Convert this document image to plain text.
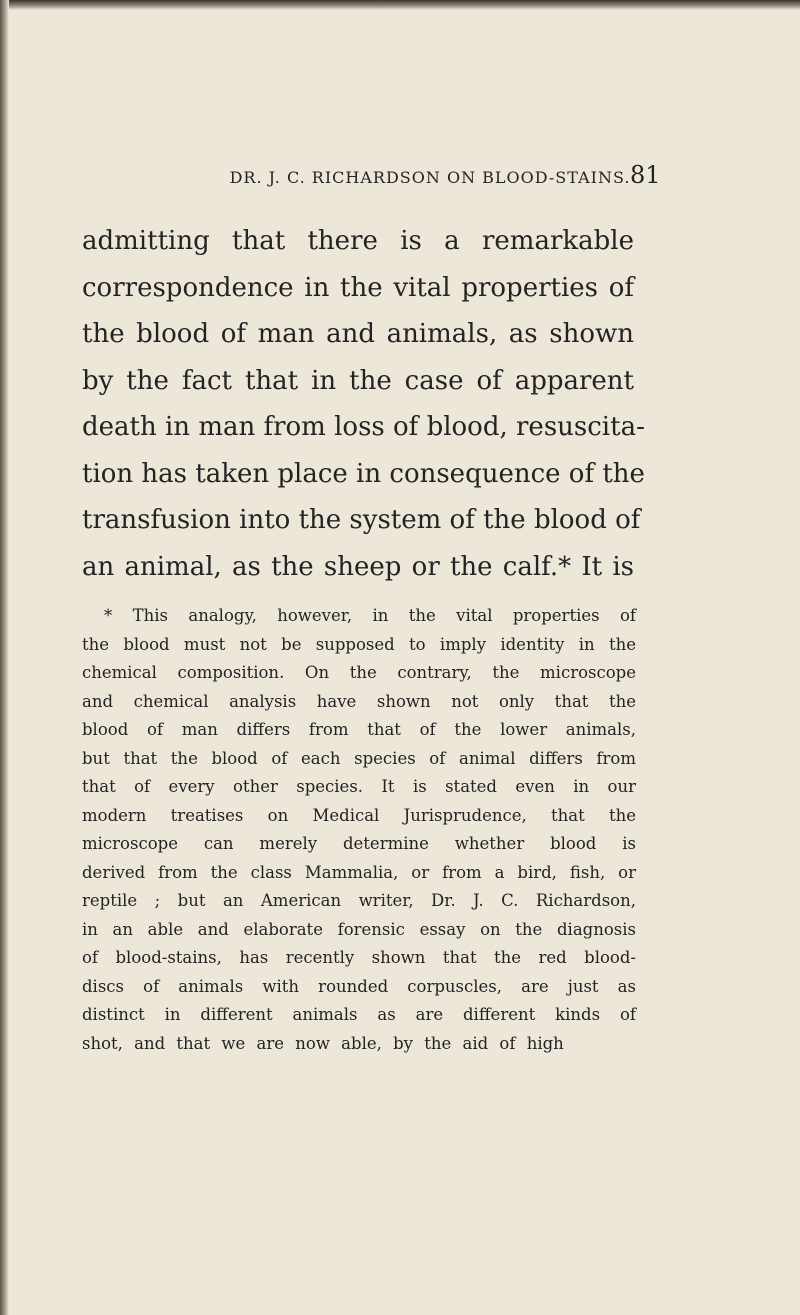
DR. J. C. RICHARDSON ON BLOOD-STAINS. 81
admitting that there is a remarkable
correspondence in the vital properties of
the blood of man and animals, as shown
by the fact that in the case of apparent
death in man from loss of blood, resuscita-
tion has taken place in consequence of the
transfusion into the system of the blood of
an animal, as the sheep or the calf.* It is
* This analogy, however, in the vital properties of
the blood must not be supposed to imply identity in the
chemical composition. On the contrary, the microscope
and chemical analysis have shown not only that the
blood of man differs from that of the lower animals,
but that the blood of each species of animal differs from
that of every other species. It is stated even in our
modern treatises on Medical Jurisprudence, that the
microscope can merely determine whether blood is
derived from the class Mammalia, or from a bird, fish, or
reptile ; but an American writer, Dr. J. C. Richardson,
in an able and elaborate forensic essay on the diagnosis
of blood-stains, has recently shown that the red blood-
discs of animals with rounded corpuscles, are just as
distinct in different animals as are different kinds of
shot, and that we are now able, by the aid of high
